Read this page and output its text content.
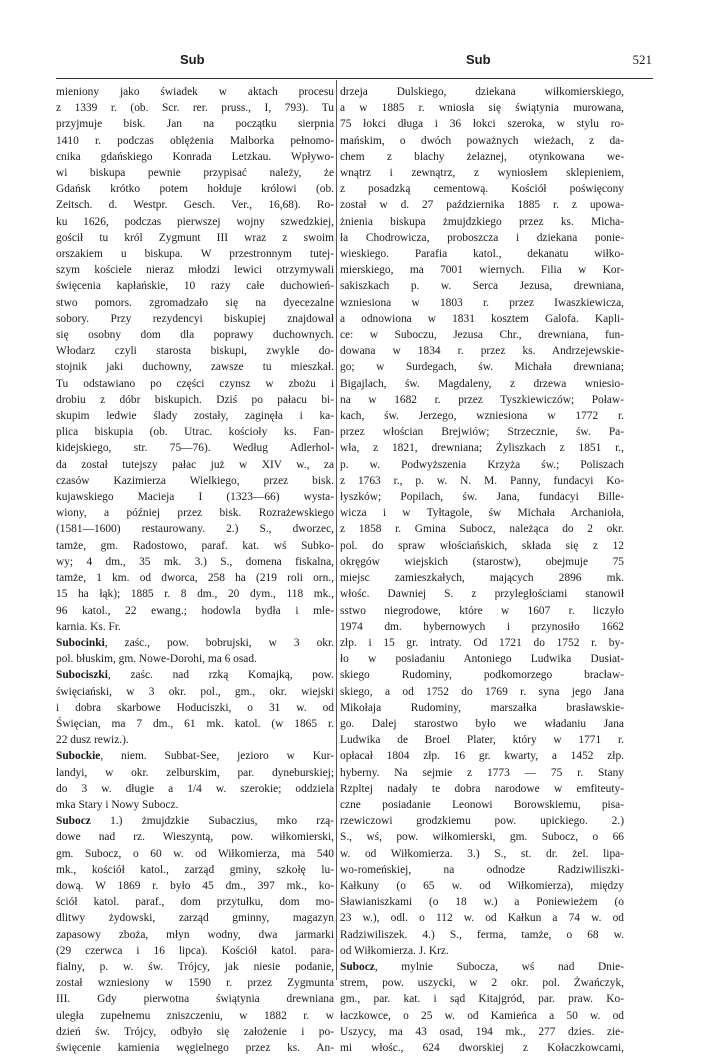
Sub	Sub	521
mieniony jako świadek w aktach procesu
z 1339 r. (ob. Scr. rer. pruss., I, 793). Tu
przyjmuje bisk. Jan na początku sierpnia
1410 r. podczas oblężenia Malborka pełnomo-
cnika gdańskiego Konrada Letzkau. Wpływo-
wi biskupa pewnie przypisać należy, że
Gdańsk krótko potem hołduje królowi (ob.
Zeitsch. d. Westpr. Gesch. Ver., 16,68). Ro-
ku 1626, podczas pierwszej wojny szwedzkiej,
gościł tu król Zygmunt III wraz z swoim
orszakiem u biskupa. W przestronnym tutej-
szym kościele nieraz młodzi lewici otrzymywali
święcenia kapłańskie, 10 razy całe duchowień-
stwo pomors. zgromadzało się na dyecezalne
sobory. Przy rezydencyi biskupiej znajdował
się osobny dom dla poprawy duchownych.
Włodarz czyli starosta biskupi, zwykle do-
stojnik jaki duchowny, zawsze tu mieszkał.
Tu odstawiano po części czynsz w zbożu i
drobiu z dóbr biskupich. Dziś po pałacu bi-
skupim ledwie ślady zostały, zaginęła i ka-
plica biskupia (ob. Utrac. kościoły ks. Fan-
kidejskiego, str. 75—76). Według Adlerhol-
da został tutejszy pałac już w XIV w., za
czasów Kazimierza Wielkiego, przez bisk.
kujawskiego Macieja I (1323—66) wysta-
wiony, a później przez bisk. Rozrażewskiego
(1581—1600) restaurowany. 2.) S., dworzec,
tamże, gm. Radostowo, paraf. kat. wś Subko-
wy; 4 dm., 35 mk. 3.) S., domena fiskalna,
tamże, 1 km. od dworca, 258 ha (219 roli orn.,
15 ha łąk); 1885 r. 8 dm., 20 dym., 118 mk.,
96 katol., 22 ewang.; hodowla bydła i mle-
karnia. Ks. Fr.
Subocinki, zaśc., pow. bobrujski, w 3 okr.
pol. błuskim, gm. Nowe-Dorohi, ma 6 osad.
Subociszki, zaśc. nad rzką Komajką, pow.
święciański, w 3 okr. pol., gm., okr. wiejski
i dobra skarbowe Hoduciszki, o 31 w. od
Święcian, ma 7 dm., 61 mk. katol. (w 1865 r.
22 dusz rewiz.).
Subockie, niem. Subbat-See, jezioro w Kur-
landyi, w okr. zelburskim, par. dyneburskiej;
do 3 w. długie a 1/4 w. szerokie; oddziela
mka Stary i Nowy Subocz.
Subocz 1.) żmujdzkie Subaczius, mko rzą-
dowe nad rz. Wieszyntą, pow. wiłkomierski,
gm. Subocz, o 60 w. od Wiłkomierza, ma 540
mk., kościół katol., zarząd gminy, szkołę lu-
dową. W 1869 r. było 45 dm., 397 mk., ko-
ściół katol. paraf., dom przytułku, dom mo-
dlitwy żydowski, zarząd gminny, magazyn
zapasowy zboża, młyn wodny, dwa jarmarki
(29 czerwca i 16 lipca). Kościół katol. para-
fialny, p. w. św. Trójcy, jak niesie podanie,
został wzniesiony w 1590 r. przez Zygmunta
III. Gdy pierwotna świątynia drewniana
uległa zupełnemu zniszczeniu, w 1882 r. w
dzień św. Trójcy, odbyło się założenie i po-
święcenie kamienia węgielnego przez ks. An-
drzeja Dulskiego, dziekana wiłkomierskiego,
a w 1885 r. wniosła się świątynia murowana,
75 łokci długa i 36 łokci szeroka, w stylu ro-
mańskim, o dwóch poważnych wieżach, z da-
chem z blachy żelaznej, otynkowana we-
wnątrz i zewnątrz, z wyniosłem sklepieniem,
z posadzką cementową. Kościół poświęcony
został w d. 27 października 1885 r. z upowa-
żnienia biskupa żmujdzkiego przez ks. Micha-
ła Chodrowicza, proboszcza i dziekana ponie-
wieskiego. Parafia katol., dekanatu wiłko-
mierskiego, ma 7001 wiernych. Filia w Kor-
sakiszkach p. w. Serca Jezusa, drewniana,
wzniesiona w 1803 r. przez Iwaszkiewicza,
a odnowiona w 1831 kosztem Galofa. Kapli-
ce: w Suboczu, Jezusa Chr., drewniana, fun-
dowana w 1834 r. przez ks. Andrzejewskie-
go; w Surdegach, św. Michała drewniana;
Bigajlach, św. Magdaleny, z drzewa wniesio-
na w 1682 r. przez Tyszkiewiczów; Poław-
kach, św. Jerzego, wzniesiona w 1772 r.
przez włościan Brejwiów; Strzecznie, św. Pa-
wła, z 1821, drewniana; Żyliszkach z 1851 r.,
p. w. Podwyższenia Krzyża św.; Poliszach
z 1763 r., p. w. N. M. Panny, fundacyi Ko-
łyszków; Popilach, św. Jana, fundacyi Bille-
wicza i w Tyłtagole, św Michała Archanioła,
z 1858 r. Gmina Subocz, należąca do 2 okr.
pol. do spraw włościańskich, składa się z 12
okręgów wiejskich (starostw), obejmuje 75
miejsc zamieszkałych, mających 2896 mk.
włośc. Dawniej S. z przyległościami stanowił
sstwo niegrodowe, które w 1607 r. liczyło
1974 dm. hybernowych i przynosiło 1662
złp. i 15 gr. intraty. Od 1721 do 1752 r. by-
ło w posiadaniu Antoniego Ludwika Dusiat-
skiego Rudominy, podkomorzego bracław-
skiego, a od 1752 do 1769 r. syna jego Jana
Mikołaja Rudominy, marszałka brasławskie-
go. Dalej starostwo było we władaniu Jana
Ludwika de Broel Plater, który w 1771 r.
opłacał 1804 złp. 16 gr. kwarty, a 1452 złp.
hyberny. Na sejmie z 1773 — 75 r. Stany
Rzpltej nadały te dobra narodowe w emfiteuty-
czne posiadanie Leonowi Borowskiemu, pisa-
rzewiczowi grodzkiemu pow. upickiego. 2.)
S., wś, pow. wiłkomierski, gm. Subocz, o 66
w. od Wiłkomierza. 3.) S., st. dr. żel. lipa-
wo-romeńskiej, na odnodze Radziwiliszki-
Kałkuny (o 65 w. od Wiłkomierza), między
Sławianiszkami (o 18 w.) a Poniewieżem (o
23 w.), odl. o 112 w. od Kałkun a 74 w. od
Radziwiliszek. 4.) S., ferma, tamże, o 68 w.
od Wiłkomierza. J. Krz.
Subocz, mylnie Subocza, wś nad Dnie-
strem, pow. uszycki, w 2 okr. pol. Żwańczyk,
gm., par. kat. i sąd Kitajgród, par. praw. Ko-
łaczkowce, o 25 w. od Kamieńca a 50 w. od
Uszycy, ma 43 osad, 194 mk., 277 dzies. zie-
mi włośc., 624 dworskiej z Kołaczkowcami,
